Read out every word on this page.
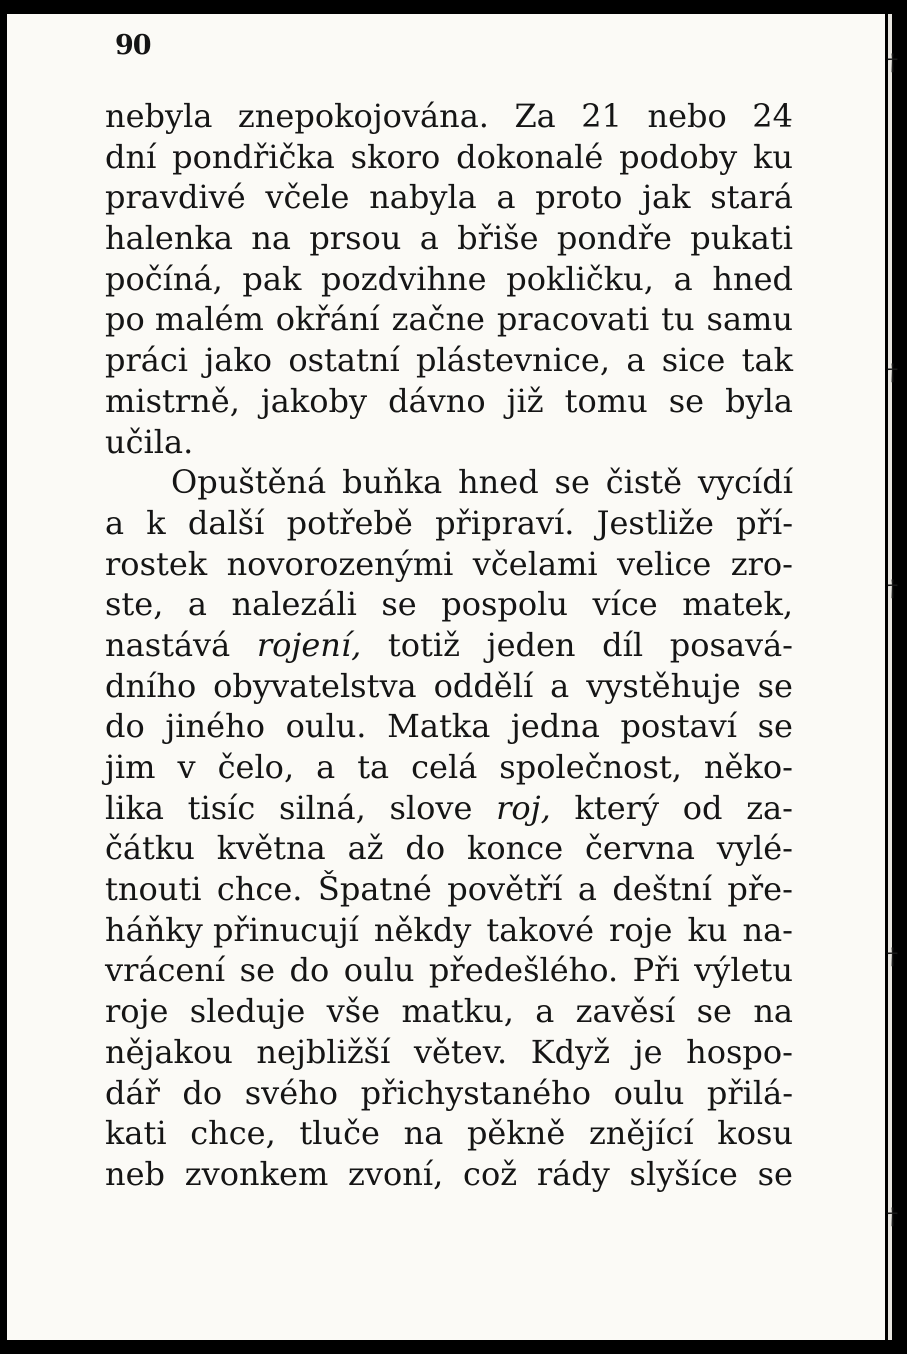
†
†
†
†
†
90
nebyla znepokojována. Za 21 nebo 24
dní pondřička skoro dokonalé podoby ku
pravdivé včele nabyla a proto jak stará
halenka na prsou a břiše pondře pukati
počíná, pak pozdvihne pokličku, a hned
po malém okřání začne pracovati tu samu
práci jako ostatní plástevnice, a sice tak
mistrně, jakoby dávno již tomu se byla
učila.
Opuštěná buňka hned se čistě vycídí
a k další potřebě připraví. Jestliže pří-
rostek novorozenými včelami velice zro-
ste, a nalezáli se pospolu více matek,
nastává rojení, totiž jeden díl posavá-
dního obyvatelstva oddělí a vystěhuje se
do jiného oulu. Matka jedna postaví se
jim v čelo, a ta celá společnost, něko-
lika tisíc silná, slove roj, který od za-
čátku května až do konce června vylé-
tnouti chce. Špatné povětří a deštní pře-
háňky přinucují někdy takové roje ku na-
vrácení se do oulu předešlého. Při výletu
roje sleduje vše matku, a zavěsí se na
nějakou nejbližší větev. Když je hospo-
dář do svého přichystaného oulu přilá-
kati chce, tluče na pěkně znějící kosu
neb zvonkem zvoní, což rády slyšíce se
